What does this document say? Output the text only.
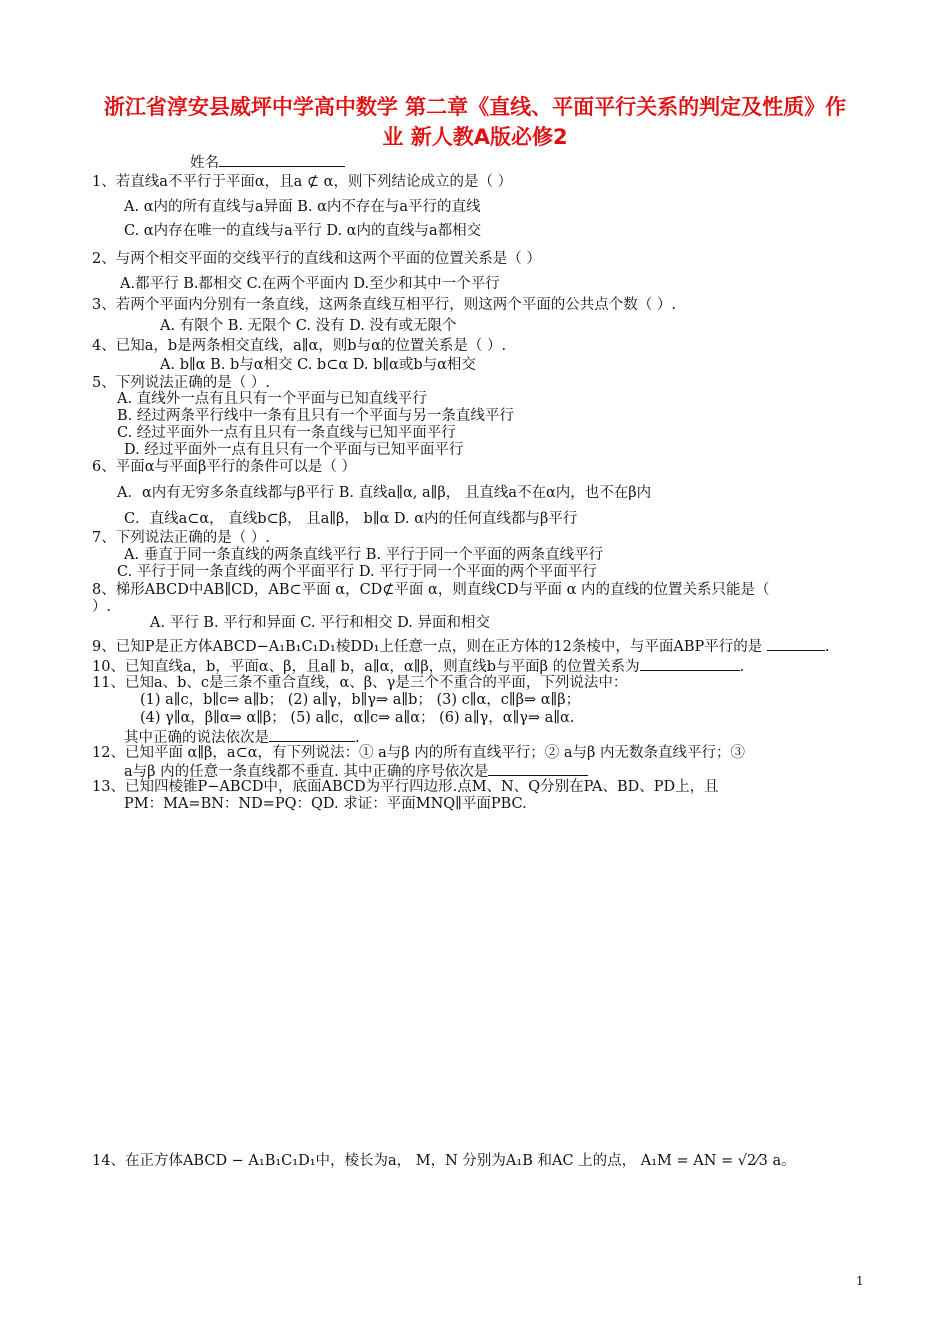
浙江省淳安县威坪中学高中数学 第二章《直线、平面平行关系的判定及性质》作
业 新人教A版必修2
姓名
1、若直线a不平行于平面α，且a ⊄ α，则下列结论成立的是（ ）
A. α内的所有直线与a异面 B. α内不存在与a平行的直线
C. α内存在唯一的直线与a平行 D. α内的直线与a都相交
2、与两个相交平面的交线平行的直线和这两个平面的位置关系是（ ）
A.都平行 B.都相交 C.在两个平面内 D.至少和其中一个平行
3、若两个平面内分别有一条直线，这两条直线互相平行，则这两个平面的公共点个数（ ）.
A. 有限个 B. 无限个 C. 没有 D. 没有或无限个
4、已知a，b是两条相交直线，a∥α，则b与α的位置关系是（ ）.
A. b∥α B. b与α相交 C. b⊂α D. b∥α或b与α相交
5、下列说法正确的是（ ）.
A. 直线外一点有且只有一个平面与已知直线平行
B. 经过两条平行线中一条有且只有一个平面与另一条直线平行
C. 经过平面外一点有且只有一条直线与已知平面平行
D. 经过平面外一点有且只有一个平面与已知平面平行
6、平面α与平面β平行的条件可以是（ ）
A．α内有无穷多条直线都与β平行 B. 直线a∥α, a∥β， 且直线a不在α内，也不在β内
C．直线a⊂α， 直线b⊂β， 且a∥β， b∥α D. α内的任何直线都与β平行
7、下列说法正确的是（ ）.
A. 垂直于同一条直线的两条直线平行 B. 平行于同一个平面的两条直线平行
C. 平行于同一条直线的两个平面平行 D. 平行于同一个平面的两个平面平行
8、梯形ABCD中AB∥CD，AB⊂平面 α，CD⊄平面 α，则直线CD与平面 α 内的直线的位置关系只能是（
）.
A. 平行 B. 平行和异面 C. 平行和相交 D. 异面和相交
9、已知P是正方体ABCD−A₁B₁C₁D₁棱DD₁上任意一点，则在正方体的12条棱中，与平面ABP平行的是	.
10、已知直线a，b，平面α、β，且a∥ b，a∥α，α∥β，则直线b与平面β 的位置关系为	.
11、已知a、b、c是三条不重合直线，α、β、γ是三个不重合的平面，下列说法中：
(1) a∥c，b∥c⇒ a∥b； (2) a∥γ，b∥γ⇒ a∥b； (3) c∥α，c∥β⇒ α∥β；
(4) γ∥α，β∥α⇒ α∥β； (5) a∥c，α∥c⇒ a∥α； (6) a∥γ，α∥γ⇒ a∥α.
其中正确的说法依次是	.
12、已知平面 α∥β，a⊂α，有下列说法：① a与β 内的所有直线平行；② a与β 内无数条直线平行；③
a与β 内的任意一条直线都不垂直. 其中正确的序号依次是
13、已知四棱锥P−ABCD中，底面ABCD为平行四边形.点M、N、Q分别在PA、BD、PD上，且
PM：MA=BN：ND=PQ：QD. 求证：平面MNQ∥平面PBC.
14、在正方体ABCD − A₁B₁C₁D₁中，棱长为a， M，N 分别为A₁B 和AC 上的点， A₁M = AN = √2⁄3 a。
1
